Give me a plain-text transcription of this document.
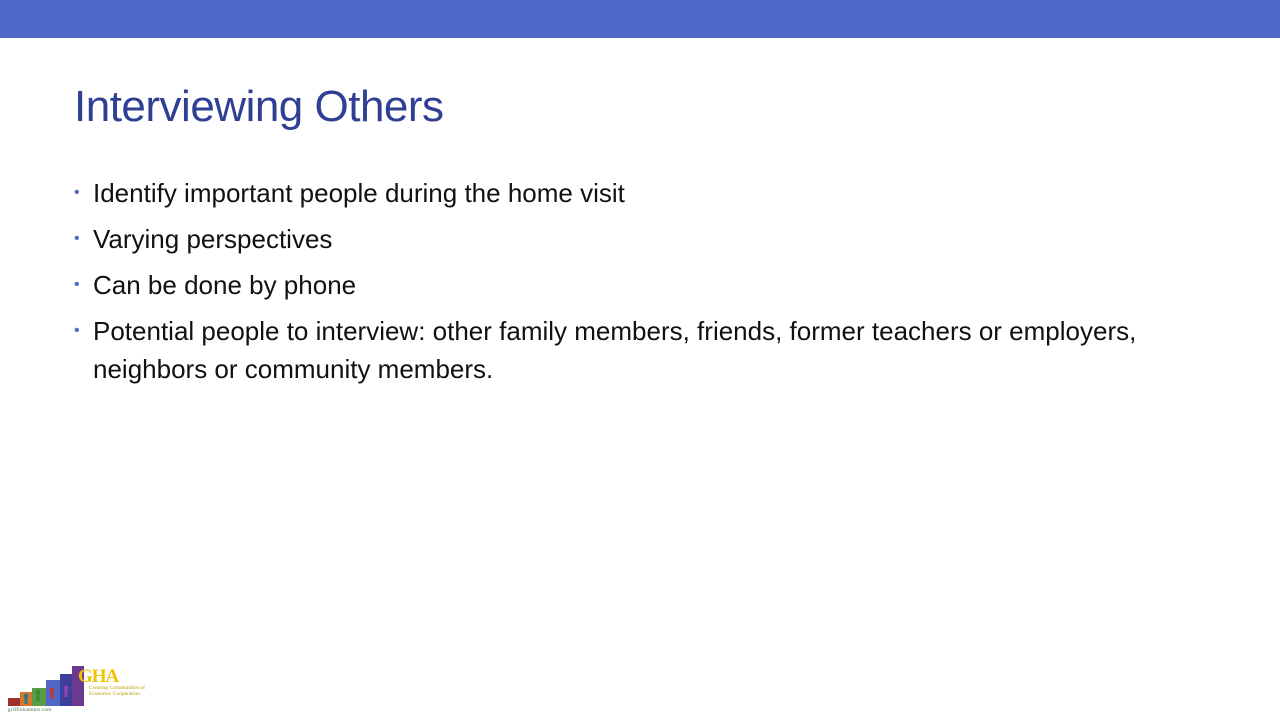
Interviewing Others
• Identify important people during the home visit
• Varying perspectives
• Can be done by phone
• Potential people to interview: other family members, friends, former teachers or employers, neighbors or community members.
GHA
Creating Communities of Economic Cooperation
griffinhammis.com
